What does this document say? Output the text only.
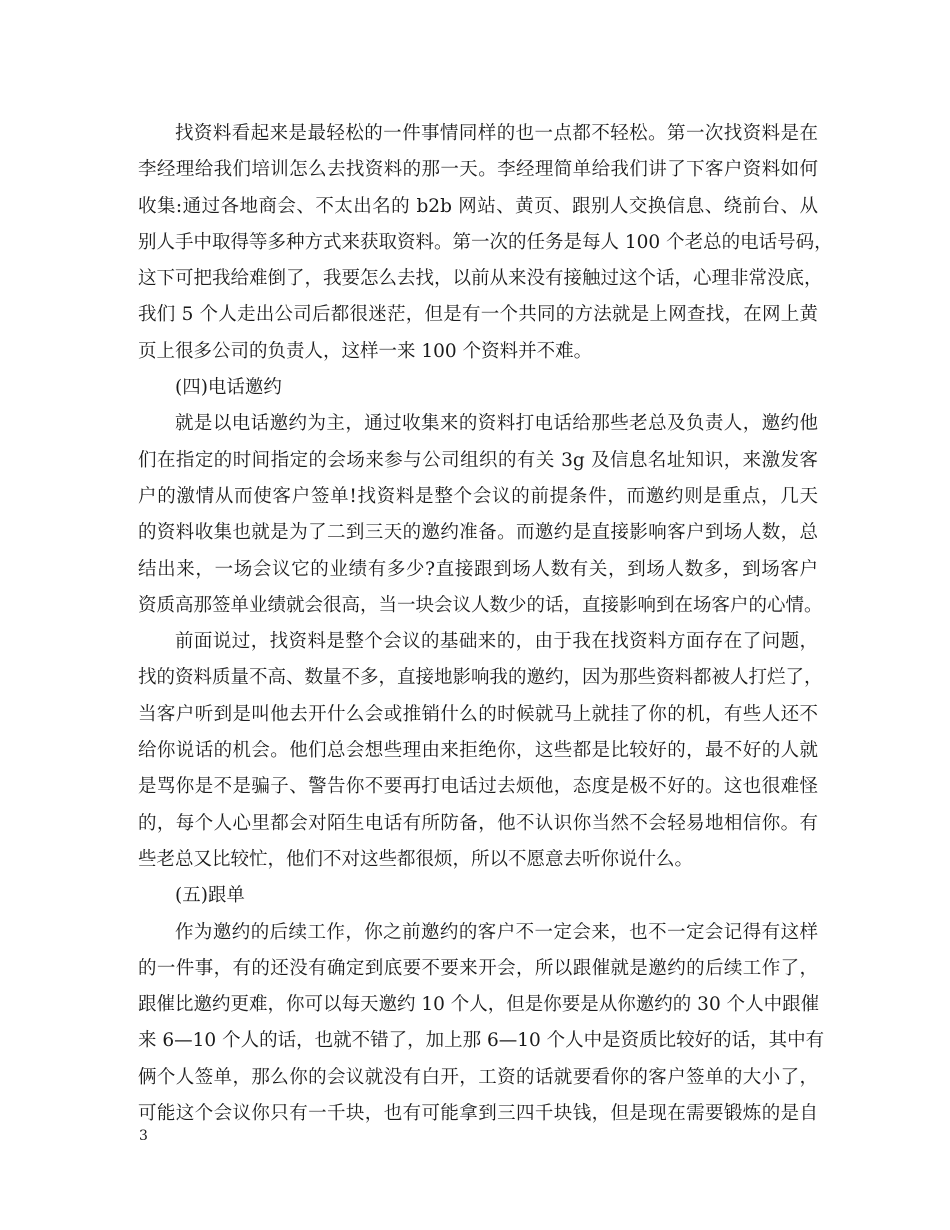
找资料看起来是最轻松的一件事情同样的也一点都不轻松。第一次找资料是在
李经理给我们培训怎么去找资料的那一天。李经理简单给我们讲了下客户资料如何
收集:通过各地商会、不太出名的 b2b 网站、黄页、跟别人交换信息、绕前台、从
别人手中取得等多种方式来获取资料。第一次的任务是每人 100 个老总的电话号码，
这下可把我给难倒了，我要怎么去找，以前从来没有接触过这个话，心理非常没底，
我们 5 个人走出公司后都很迷茫，但是有一个共同的方法就是上网查找，在网上黄
页上很多公司的负责人，这样一来 100 个资料并不难。
(四)电话邀约
就是以电话邀约为主，通过收集来的资料打电话给那些老总及负责人，邀约他
们在指定的时间指定的会场来参与公司组织的有关 3g 及信息名址知识，来激发客
户的激情从而使客户签单!找资料是整个会议的前提条件，而邀约则是重点，几天
的资料收集也就是为了二到三天的邀约准备。而邀约是直接影响客户到场人数，总
结出来，一场会议它的业绩有多少?直接跟到场人数有关，到场人数多，到场客户
资质高那签单业绩就会很高，当一块会议人数少的话，直接影响到在场客户的心情。
前面说过，找资料是整个会议的基础来的，由于我在找资料方面存在了问题，
找的资料质量不高、数量不多，直接地影响我的邀约，因为那些资料都被人打烂了，
当客户听到是叫他去开什么会或推销什么的时候就马上就挂了你的机，有些人还不
给你说话的机会。他们总会想些理由来拒绝你，这些都是比较好的，最不好的人就
是骂你是不是骗子、警告你不要再打电话过去烦他，态度是极不好的。这也很难怪
的，每个人心里都会对陌生电话有所防备，他不认识你当然不会轻易地相信你。有
些老总又比较忙，他们不对这些都很烦，所以不愿意去听你说什么。
(五)跟单
作为邀约的后续工作，你之前邀约的客户不一定会来，也不一定会记得有这样
的一件事，有的还没有确定到底要不要来开会，所以跟催就是邀约的后续工作了，
跟催比邀约更难，你可以每天邀约 10 个人，但是你要是从你邀约的 30 个人中跟催
来 6—10 个人的话，也就不错了，加上那 6—10 个人中是资质比较好的话，其中有
俩个人签单，那么你的会议就没有白开，工资的话就要看你的客户签单的大小了，
可能这个会议你只有一千块，也有可能拿到三四千块钱，但是现在需要锻炼的是自
3
